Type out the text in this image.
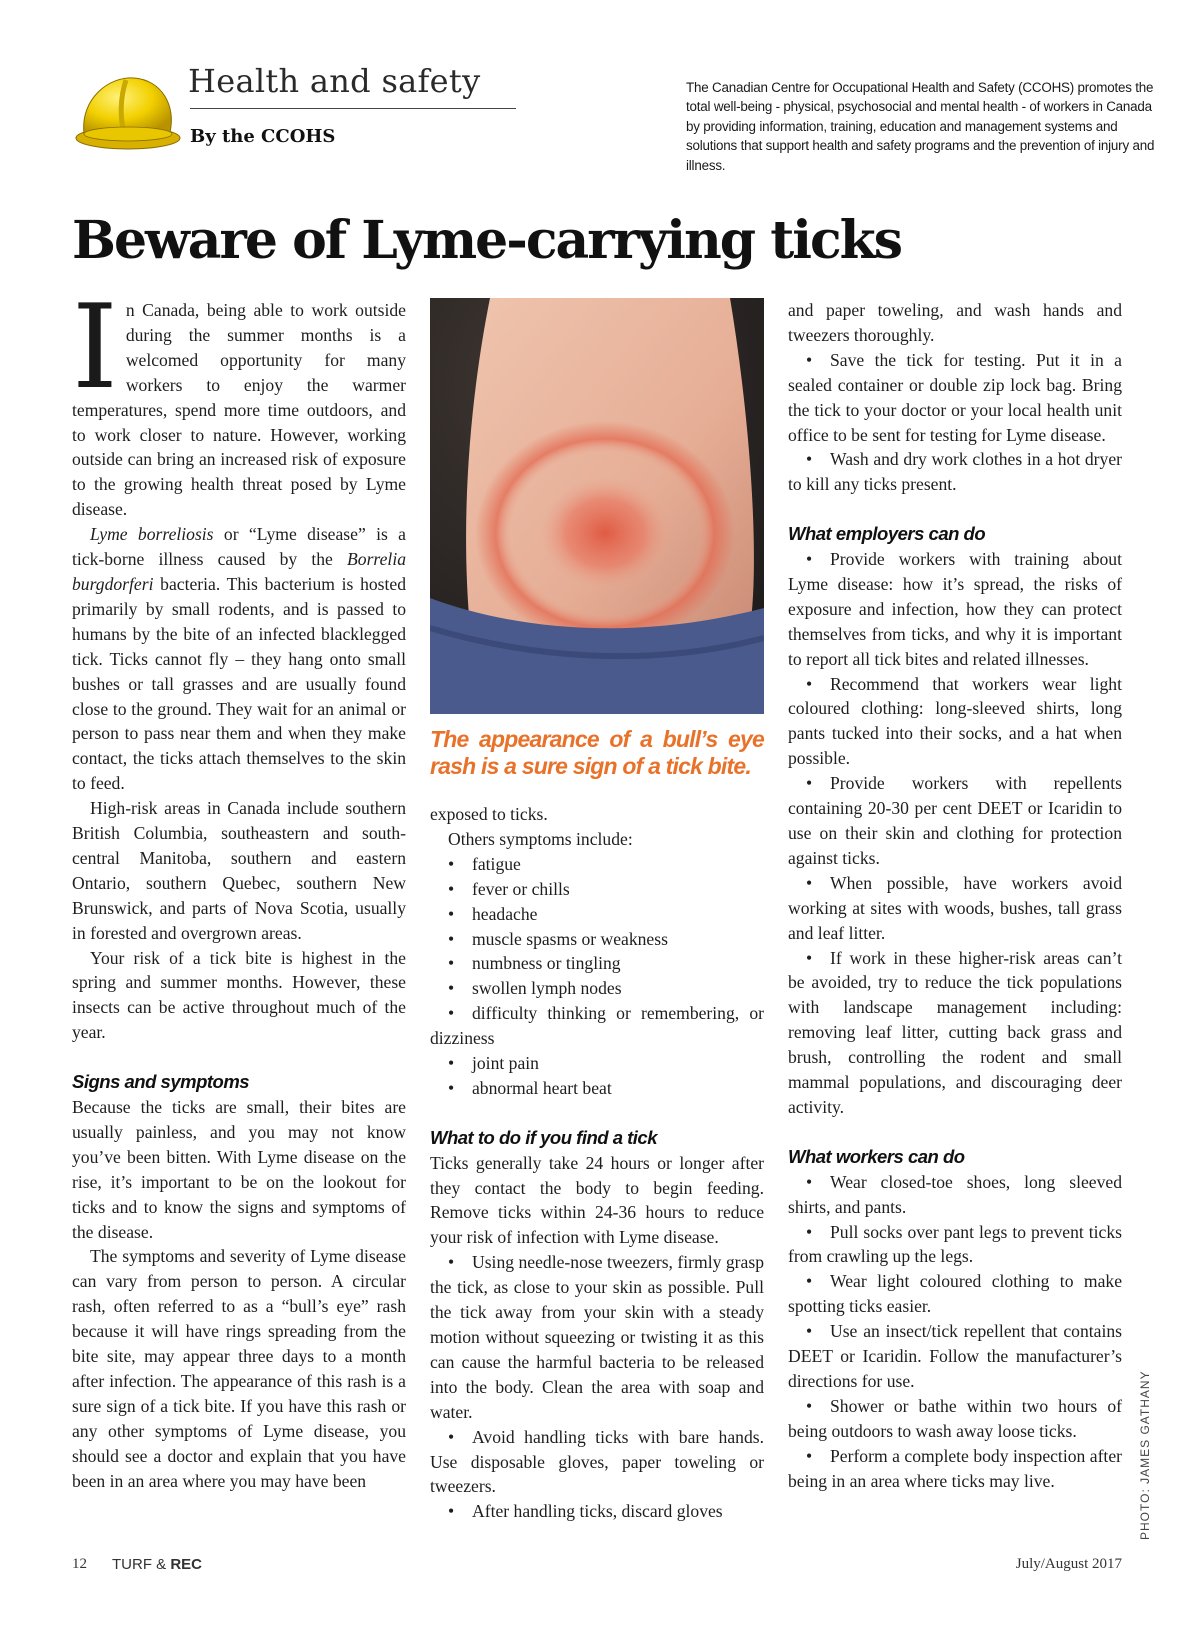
Health and safety
By the CCOHS
The Canadian Centre for Occupational Health and Safety (CCOHS) promotes the total well-being - physical, psychosocial and mental health - of workers in Canada by providing information, training, education and management systems and solutions that support health and safety programs and the prevention of injury and illness.
Beware of Lyme-carrying ticks

In Canada, being able to work outside during the summer months is a welcomed opportunity for many workers to enjoy the warmer temperatures, spend more time outdoors, and to work closer to nature. However, working outside can bring an increased risk of exposure to the growing health threat posed by Lyme disease.

Lyme borreliosis or “Lyme disease” is a tick-borne illness caused by the Borrelia burgdorferi bacteria. This bacterium is hosted primarily by small rodents, and is passed to humans by the bite of an infected blacklegged tick. Ticks cannot fly – they hang onto small bushes or tall grasses and are usually found close to the ground. They wait for an animal or person to pass near them and when they make contact, the ticks attach themselves to the skin to feed.

High-risk areas in Canada include southern British Columbia, southeastern and south-central Manitoba, southern and eastern Ontario, southern Quebec, southern New Brunswick, and parts of Nova Scotia, usually in forested and overgrown areas.

Your risk of a tick bite is highest in the spring and summer months. However, these insects can be active throughout much of the year.

Signs and symptoms

Because the ticks are small, their bites are usually painless, and you may not know you’ve been bitten. With Lyme disease on the rise, it’s important to be on the lookout for ticks and to know the signs and symptoms of the disease.

The symptoms and severity of Lyme disease can vary from person to person. A circular rash, often referred to as a “bull’s eye” rash because it will have rings spreading from the bite site, may appear three days to a month after infection. The appearance of this rash is a sure sign of a tick bite. If you have this rash or any other symptoms of Lyme disease, you should see a doctor and explain that you have been in an area where you may have been

The appearance of a bull’s eye rash is a sure sign of a tick bite.

exposed to ticks.

Others symptoms include:

• fatigue
• fever or chills
• headache
• muscle spasms or weakness
• numbness or tingling
• swollen lymph nodes
• difficulty thinking or remembering, or dizziness
• joint pain
• abnormal heart beat
What to do if you find a tick

Ticks generally take 24 hours or longer after they contact the body to begin feeding. Remove ticks within 24-36 hours to reduce your risk of infection with Lyme disease.

• Using needle-nose tweezers, firmly grasp the tick, as close to your skin as possible. Pull the tick away from your skin with a steady motion without squeezing or twisting it as this can cause the harmful bacteria to be released into the body. Clean the area with soap and water.

• Avoid handling ticks with bare hands. Use disposable gloves, paper toweling or tweezers.

• After handling ticks, discard gloves

and paper toweling, and wash hands and tweezers thoroughly.

• Save the tick for testing. Put it in a sealed container or double zip lock bag. Bring the tick to your doctor or your local health unit office to be sent for testing for Lyme disease.

• Wash and dry work clothes in a hot dryer to kill any ticks present.

What employers can do

• Provide workers with training about Lyme disease: how it’s spread, the risks of exposure and infection, how they can protect themselves from ticks, and why it is important to report all tick bites and related illnesses.

• Recommend that workers wear light coloured clothing: long-sleeved shirts, long pants tucked into their socks, and a hat when possible.

• Provide workers with repellents containing 20-30 per cent DEET or Icaridin to use on their skin and clothing for protection against ticks.

• When possible, have workers avoid working at sites with woods, bushes, tall grass and leaf litter.

• If work in these higher-risk areas can’t be avoided, try to reduce the tick populations with landscape management including: removing leaf litter, cutting back grass and brush, controlling the rodent and small mammal populations, and discouraging deer activity.

What workers can do

• Wear closed-toe shoes, long sleeved shirts, and pants.

• Pull socks over pant legs to prevent ticks from crawling up the legs.

• Wear light coloured clothing to make spotting ticks easier.

• Use an insect/tick repellent that contains DEET or Icaridin. Follow the manufacturer’s directions for use.

• Shower or bathe within two hours of being outdoors to wash away loose ticks.

• Perform a complete body inspection after being in an area where ticks may live.	PHOTO: JAMES GATHANY
12 TURF & REC	July/August 2017
